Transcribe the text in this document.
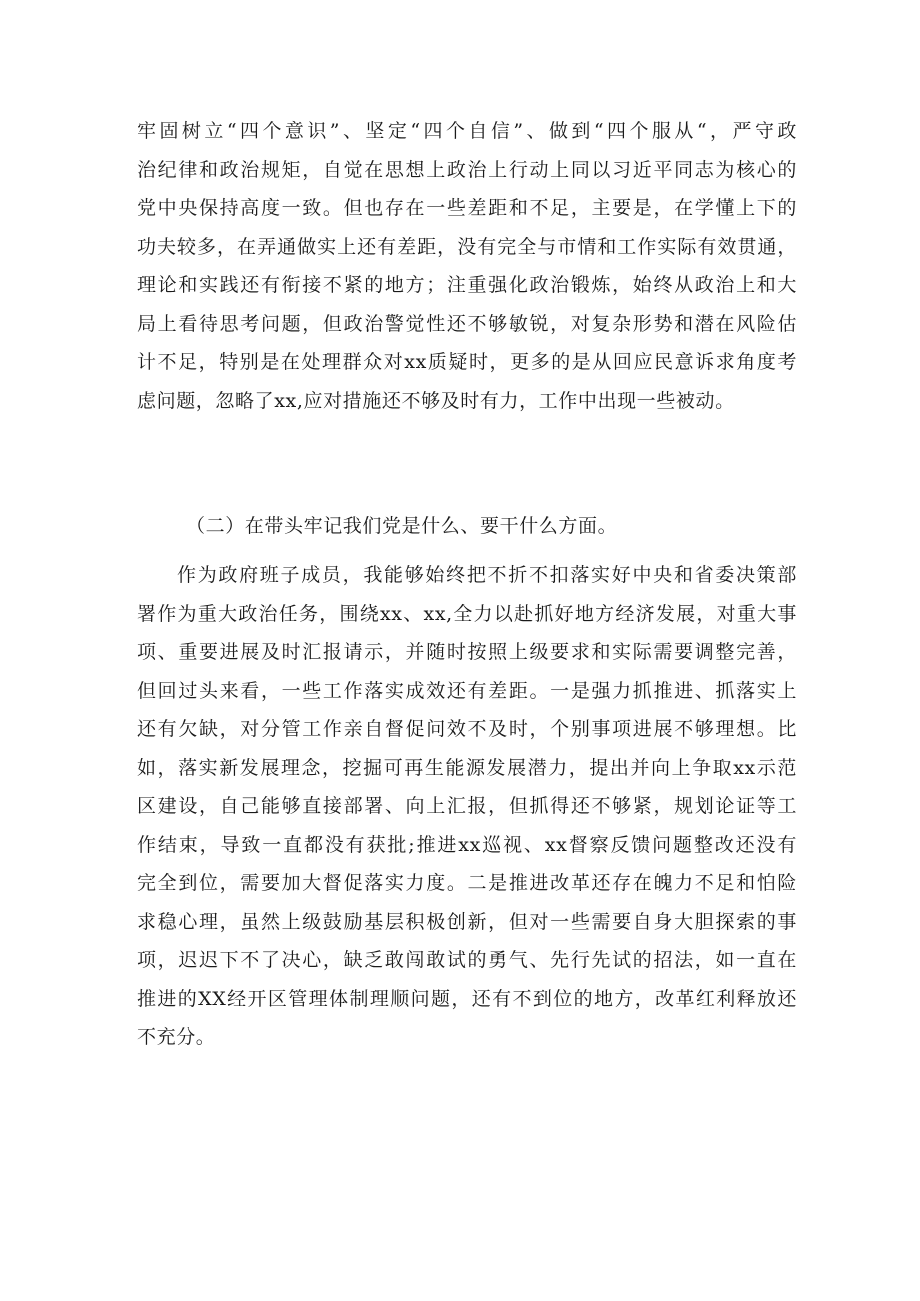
牢固树立“四个意识”、坚定“四个自信”、做到“四个服从“，严守政
治纪律和政治规矩，自觉在思想上政治上行动上同以习近平同志为核心的
党中央保持高度一致。但也存在一些差距和不足，主要是，在学懂上下的
功夫较多，在弄通做实上还有差距，没有完全与市情和工作实际有效贯通，
理论和实践还有衔接不紧的地方；注重强化政治锻炼，始终从政治上和大
局上看待思考问题，但政治警觉性还不够敏锐，对复杂形势和潜在风险估
计不足，特别是在处理群众对xx质疑时，更多的是从回应民意诉求角度考
虑问题，忽略了xx,应对措施还不够及时有力，工作中出现一些被动。
（二）在带头牢记我们党是什么、要干什么方面。
作为政府班子成员，我能够始终把不折不扣落实好中央和省委决策部
署作为重大政治任务，围绕xx、xx,全力以赴抓好地方经济发展，对重大事
项、重要进展及时汇报请示，并随时按照上级要求和实际需要调整完善，
但回过头来看，一些工作落实成效还有差距。一是强力抓推进、抓落实上
还有欠缺，对分管工作亲自督促问效不及时，个别事项进展不够理想。比
如，落实新发展理念，挖掘可再生能源发展潜力，提出并向上争取xx示范
区建设，自己能够直接部署、向上汇报，但抓得还不够紧，规划论证等工
作结束，导致一直都没有获批;推进xx巡视、xx督察反馈问题整改还没有
完全到位，需要加大督促落实力度。二是推进改革还存在魄力不足和怕险
求稳心理，虽然上级鼓励基层积极创新，但对一些需要自身大胆探索的事
项，迟迟下不了决心，缺乏敢闯敢试的勇气、先行先试的招法，如一直在
推进的XX经开区管理体制理顺问题，还有不到位的地方，改革红利释放还
不充分。
